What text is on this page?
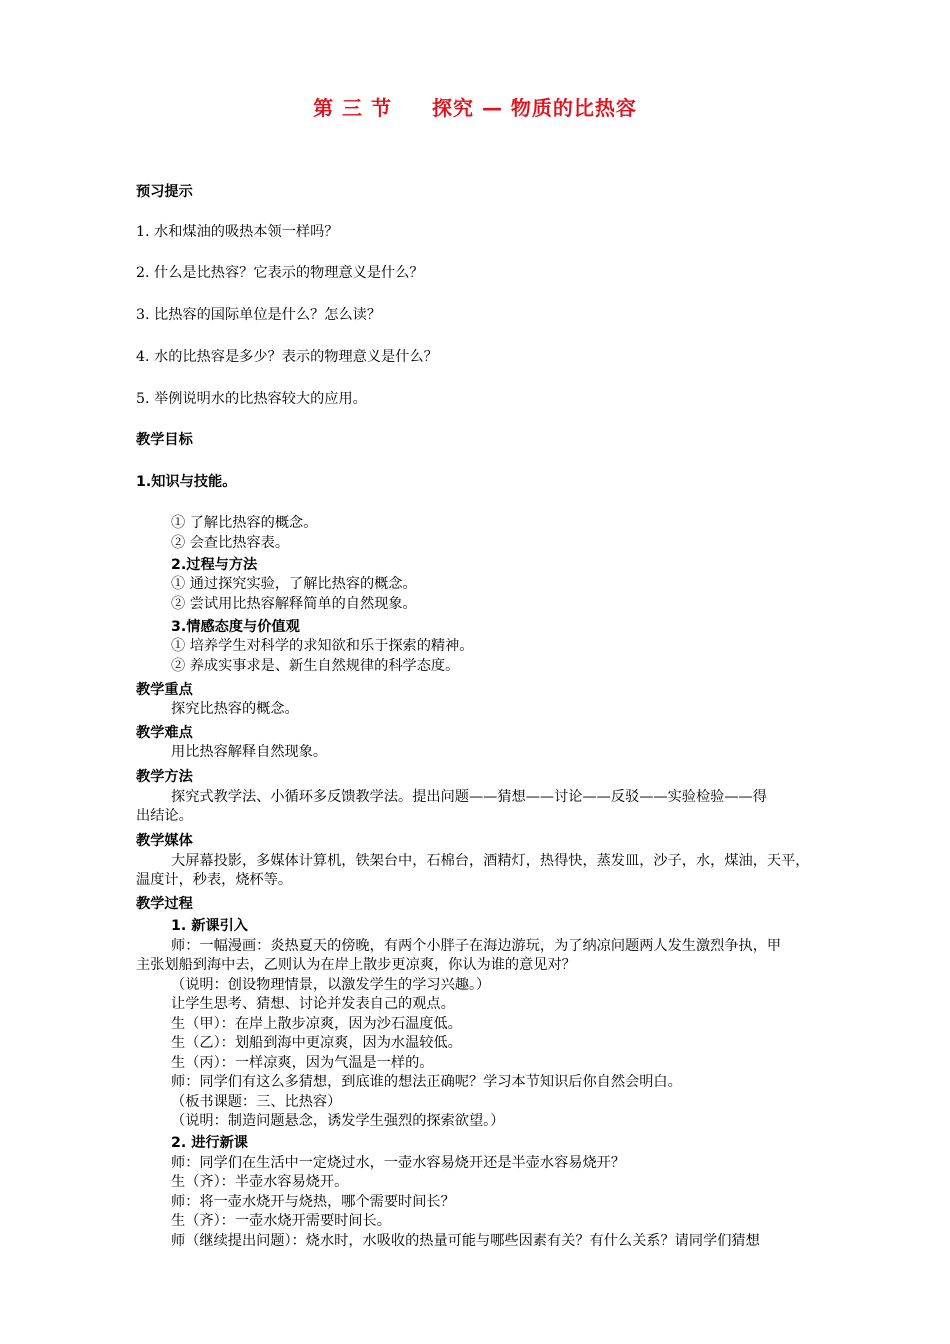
第 三 节 探究 — 物质的比热容
预习提示
1. 水和煤油的吸热本领一样吗？
2. 什么是比热容？它表示的物理意义是什么？
3. 比热容的国际单位是什么？怎么读？
4. 水的比热容是多少？表示的物理意义是什么？
5. 举例说明水的比热容较大的应用。
教学目标
1.知识与技能。
① 了解比热容的概念。
② 会查比热容表。
2.过程与方法
① 通过探究实验，了解比热容的概念。
② 尝试用比热容解释简单的自然现象。
3.情感态度与价值观
① 培养学生对科学的求知欲和乐于探索的精神。
② 养成实事求是、新生自然规律的科学态度。
教学重点
探究比热容的概念。
教学难点
用比热容解释自然现象。
教学方法
探究式教学法、小循环多反馈教学法。提出问题——猜想——讨论——反驳——实验检验——得
出结论。
教学媒体
大屏幕投影，多媒体计算机，铁架台中，石棉台，酒精灯，热得快，蒸发皿，沙子，水，煤油，天平，
温度计，秒表，烧杯等。
教学过程
1. 新课引入
师：一幅漫画：炎热夏天的傍晚，有两个小胖子在海边游玩，为了纳凉问题两人发生激烈争执，甲
主张划船到海中去，乙则认为在岸上散步更凉爽，你认为谁的意见对？
（说明：创设物理情景，以激发学生的学习兴趣。）
让学生思考、猜想、讨论并发表自己的观点。
生（甲）：在岸上散步凉爽，因为沙石温度低。
生（乙）：划船到海中更凉爽，因为水温较低。
生（丙）：一样凉爽，因为气温是一样的。
师：同学们有这么多猜想，到底谁的想法正确呢？学习本节知识后你自然会明白。
（板书课题：三、比热容）
（说明：制造问题悬念，诱发学生强烈的探索欲望。）
2. 进行新课
师：同学们在生活中一定烧过水，一壶水容易烧开还是半壶水容易烧开？
生（齐）：半壶水容易烧开。
师：将一壶水烧开与烧热，哪个需要时间长？
生（齐）：一壶水烧开需要时间长。
师（继续提出问题）：烧水时，水吸收的热量可能与哪些因素有关？有什么关系？请同学们猜想
